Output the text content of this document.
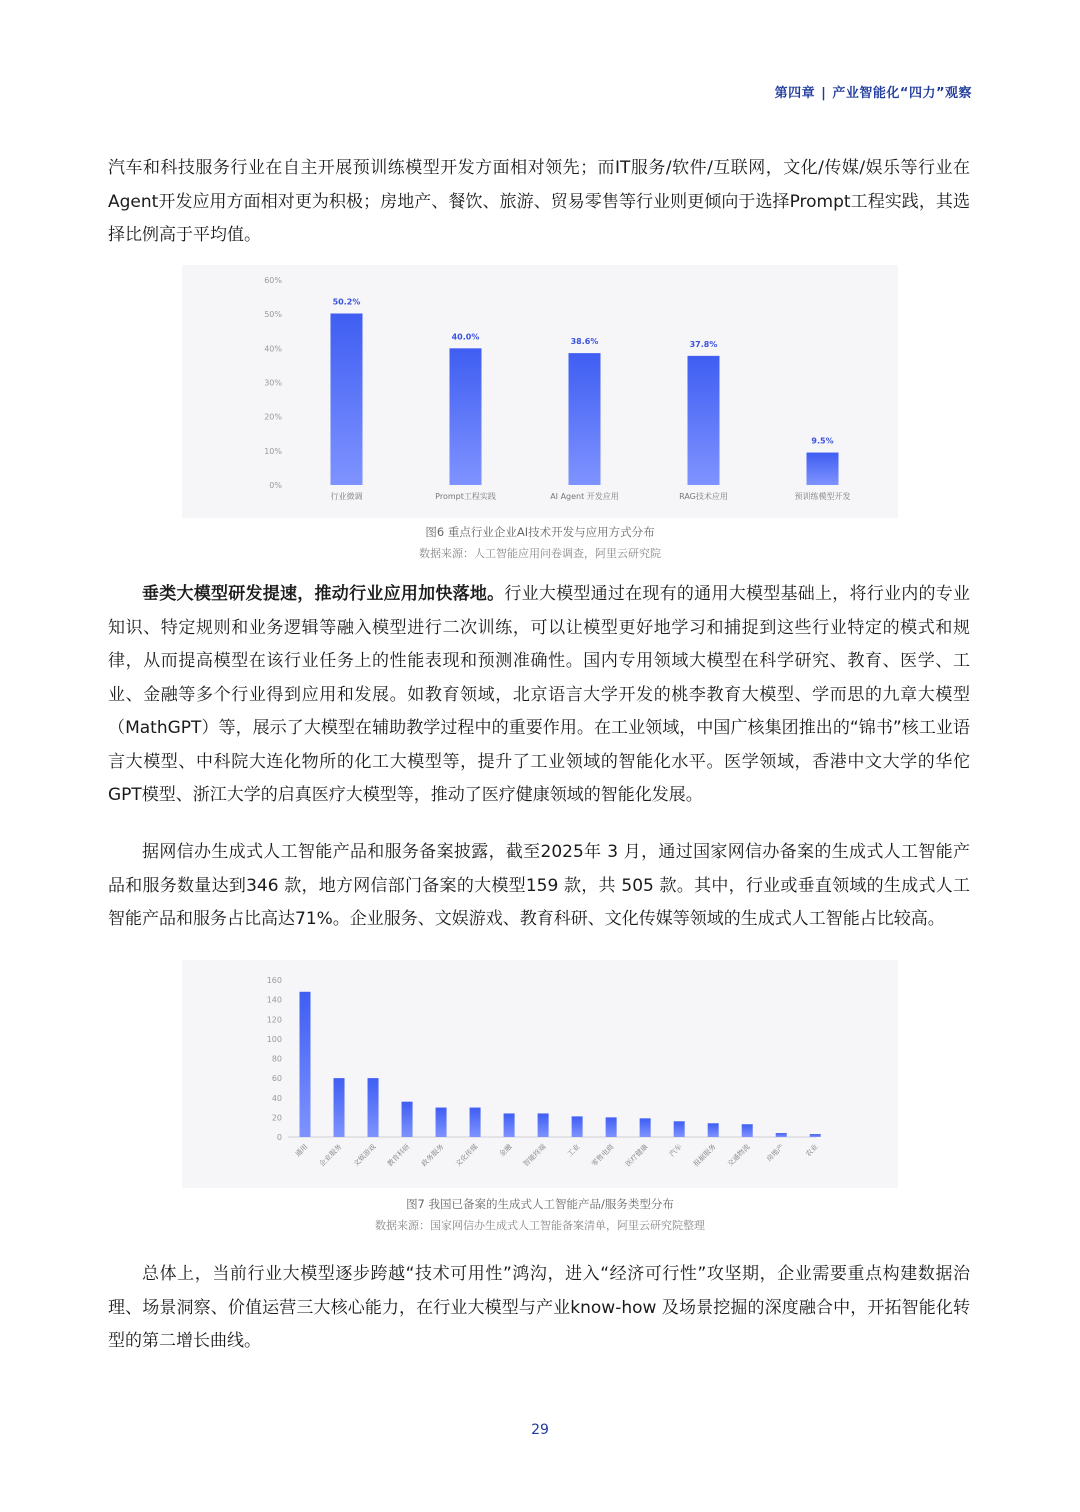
第四章 | 产业智能化“四力”观察

汽车和科技服务行业在自主开展预训练模型开发方面相对领先；而IT服务/软件/互联网，文化/传媒/娱乐等行业在Agent开发应用方面相对更为积极；房地产、餐饮、旅游、贸易零售等行业则更倾向于选择Prompt工程实践，其选择比例高于平均值。

0%
10%
20%
30%
40%
50%
60%
50.2%
行业微调
40.0%
Prompt工程实践
38.6%
AI Agent 开发应用
37.8%
RAG技术应用
9.5%
预训练模型开发
图6 重点行业企业AI技术开发与应用方式分布
数据来源：人工智能应用问卷调查，阿里云研究院

垂类大模型研发提速，推动行业应用加快落地。行业大模型通过在现有的通用大模型基础上，将行业内的专业知识、特定规则和业务逻辑等融入模型进行二次训练，可以让模型更好地学习和捕捉到这些行业特定的模式和规律，从而提高模型在该行业任务上的性能表现和预测准确性。国内专用领域大模型在科学研究、教育、医学、工业、金融等多个行业得到应用和发展。如教育领域，北京语言大学开发的桃李教育大模型、学而思的九章大模型（MathGPT）等，展示了大模型在辅助教学过程中的重要作用。在工业领域，中国广核集团推出的“锦书”核工业语言大模型、中科院大连化物所的化工大模型等，提升了工业领域的智能化水平。医学领域，香港中文大学的华佗GPT模型、浙江大学的启真医疗大模型等，推动了医疗健康领域的智能化发展。

据网信办生成式人工智能产品和服务备案披露，截至2025年 3 月，通过国家网信办备案的生成式人工智能产品和服务数量达到346 款，地方网信部门备案的大模型159 款，共 505 款。其中，行业或垂直领域的生成式人工智能产品和服务占比高达71%。企业服务、文娱游戏、教育科研、文化传媒等领域的生成式人工智能占比较高。

0
20
40
60
80
100
120
140
160
通用 企业服务 文娱游戏 教育科研 政务服务 文化传媒	金融 智能终端	工业 零售电商 医疗健康	汽车 报据服务 交通物流 房地产	农业
图7 我国已备案的生成式人工智能产品/服务类型分布
数据来源：国家网信办生成式人工智能备案清单，阿里云研究院整理

总体上，当前行业大模型逐步跨越“技术可用性”鸿沟，进入“经济可行性”攻坚期，企业需要重点构建数据治理、场景洞察、价值运营三大核心能力，在行业大模型与产业know-how 及场景挖掘的深度融合中，开拓智能化转型的第二增长曲线。

29
